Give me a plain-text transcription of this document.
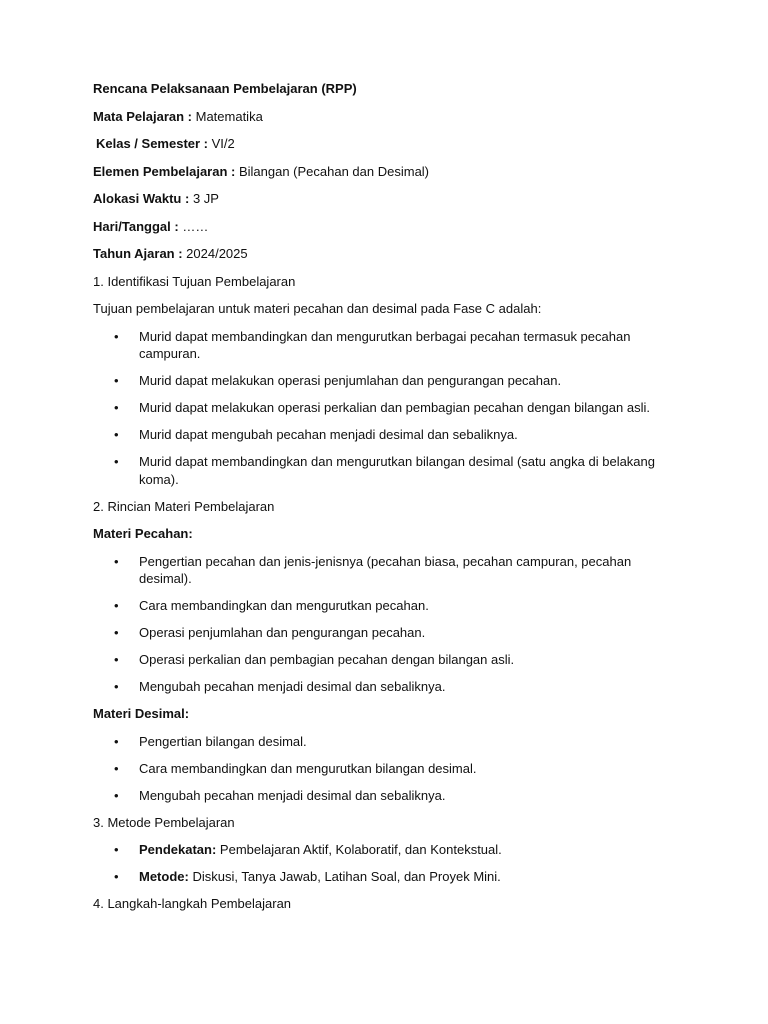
Rencana Pelaksanaan Pembelajaran (RPP)
Mata Pelajaran : Matematika
Kelas / Semester : VI/2
Elemen Pembelajaran : Bilangan (Pecahan dan Desimal)
Alokasi Waktu : 3 JP
Hari/Tanggal : ……
Tahun Ajaran : 2024/2025
1. Identifikasi Tujuan Pembelajaran
Tujuan pembelajaran untuk materi pecahan dan desimal pada Fase C adalah:
• Murid dapat membandingkan dan mengurutkan berbagai pecahan termasuk pecahan campuran.
• Murid dapat melakukan operasi penjumlahan dan pengurangan pecahan.
• Murid dapat melakukan operasi perkalian dan pembagian pecahan dengan bilangan asli.
• Murid dapat mengubah pecahan menjadi desimal dan sebaliknya.
• Murid dapat membandingkan dan mengurutkan bilangan desimal (satu angka di belakang koma).
2. Rincian Materi Pembelajaran
Materi Pecahan:
• Pengertian pecahan dan jenis-jenisnya (pecahan biasa, pecahan campuran, pecahan desimal).
• Cara membandingkan dan mengurutkan pecahan.
• Operasi penjumlahan dan pengurangan pecahan.
• Operasi perkalian dan pembagian pecahan dengan bilangan asli.
• Mengubah pecahan menjadi desimal dan sebaliknya.
Materi Desimal:
• Pengertian bilangan desimal.
• Cara membandingkan dan mengurutkan bilangan desimal.
• Mengubah pecahan menjadi desimal dan sebaliknya.
3. Metode Pembelajaran
• Pendekatan: Pembelajaran Aktif, Kolaboratif, dan Kontekstual.
• Metode: Diskusi, Tanya Jawab, Latihan Soal, dan Proyek Mini.
4. Langkah-langkah Pembelajaran
